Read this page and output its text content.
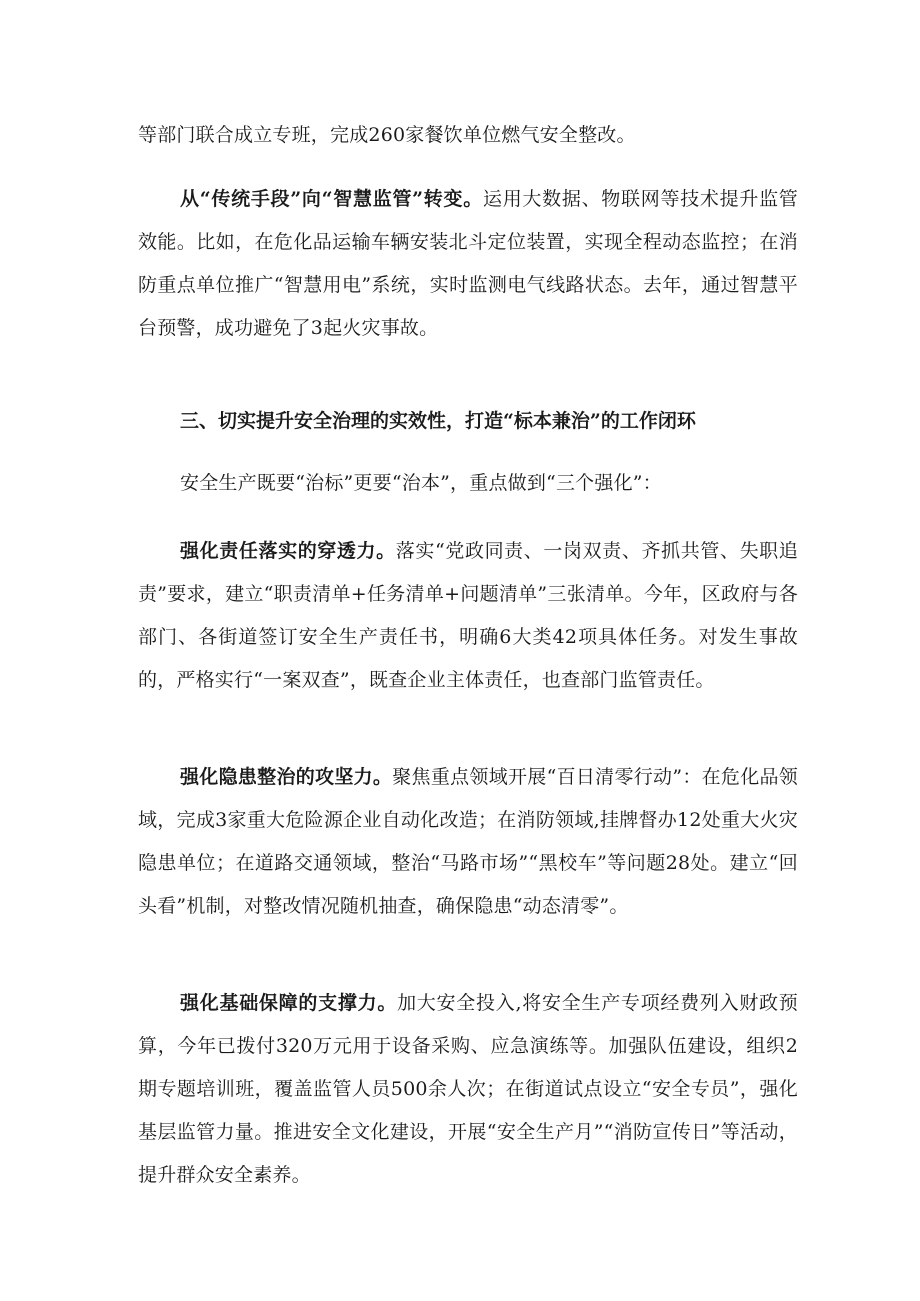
等部门联合成立专班，完成260家餐饮单位燃气安全整改。

从“传统手段”向“智慧监管”转变。运用大数据、物联网等技术提升监管效能。比如，在危化品运输车辆安装北斗定位装置，实现全程动态监控；在消防重点单位推广“智慧用电”系统，实时监测电气线路状态。去年，通过智慧平台预警，成功避免了3起火灾事故。

三、切实提升安全治理的实效性，打造“标本兼治”的工作闭环

安全生产既要“治标”更要“治本”，重点做到“三个强化”：

强化责任落实的穿透力。落实“党政同责、一岗双责、齐抓共管、失职追责”要求，建立“职责清单+任务清单+问题清单”三张清单。今年，区政府与各部门、各街道签订安全生产责任书，明确6大类42项具体任务。对发生事故的，严格实行“一案双查”，既查企业主体责任，也查部门监管责任。

强化隐患整治的攻坚力。聚焦重点领域开展“百日清零行动”：在危化品领域，完成3家重大危险源企业自动化改造；在消防领域,挂牌督办12处重大火灾隐患单位；在道路交通领域，整治“马路市场”“黑校车”等问题28处。建立“回头看”机制，对整改情况随机抽查，确保隐患“动态清零”。

强化基础保障的支撑力。加大安全投入,将安全生产专项经费列入财政预算，今年已拨付320万元用于设备采购、应急演练等。加强队伍建设，组织2期专题培训班，覆盖监管人员500余人次；在街道试点设立“安全专员”，强化基层监管力量。推进安全文化建设，开展“安全生产月”“消防宣传日”等活动，提升群众安全素养。
